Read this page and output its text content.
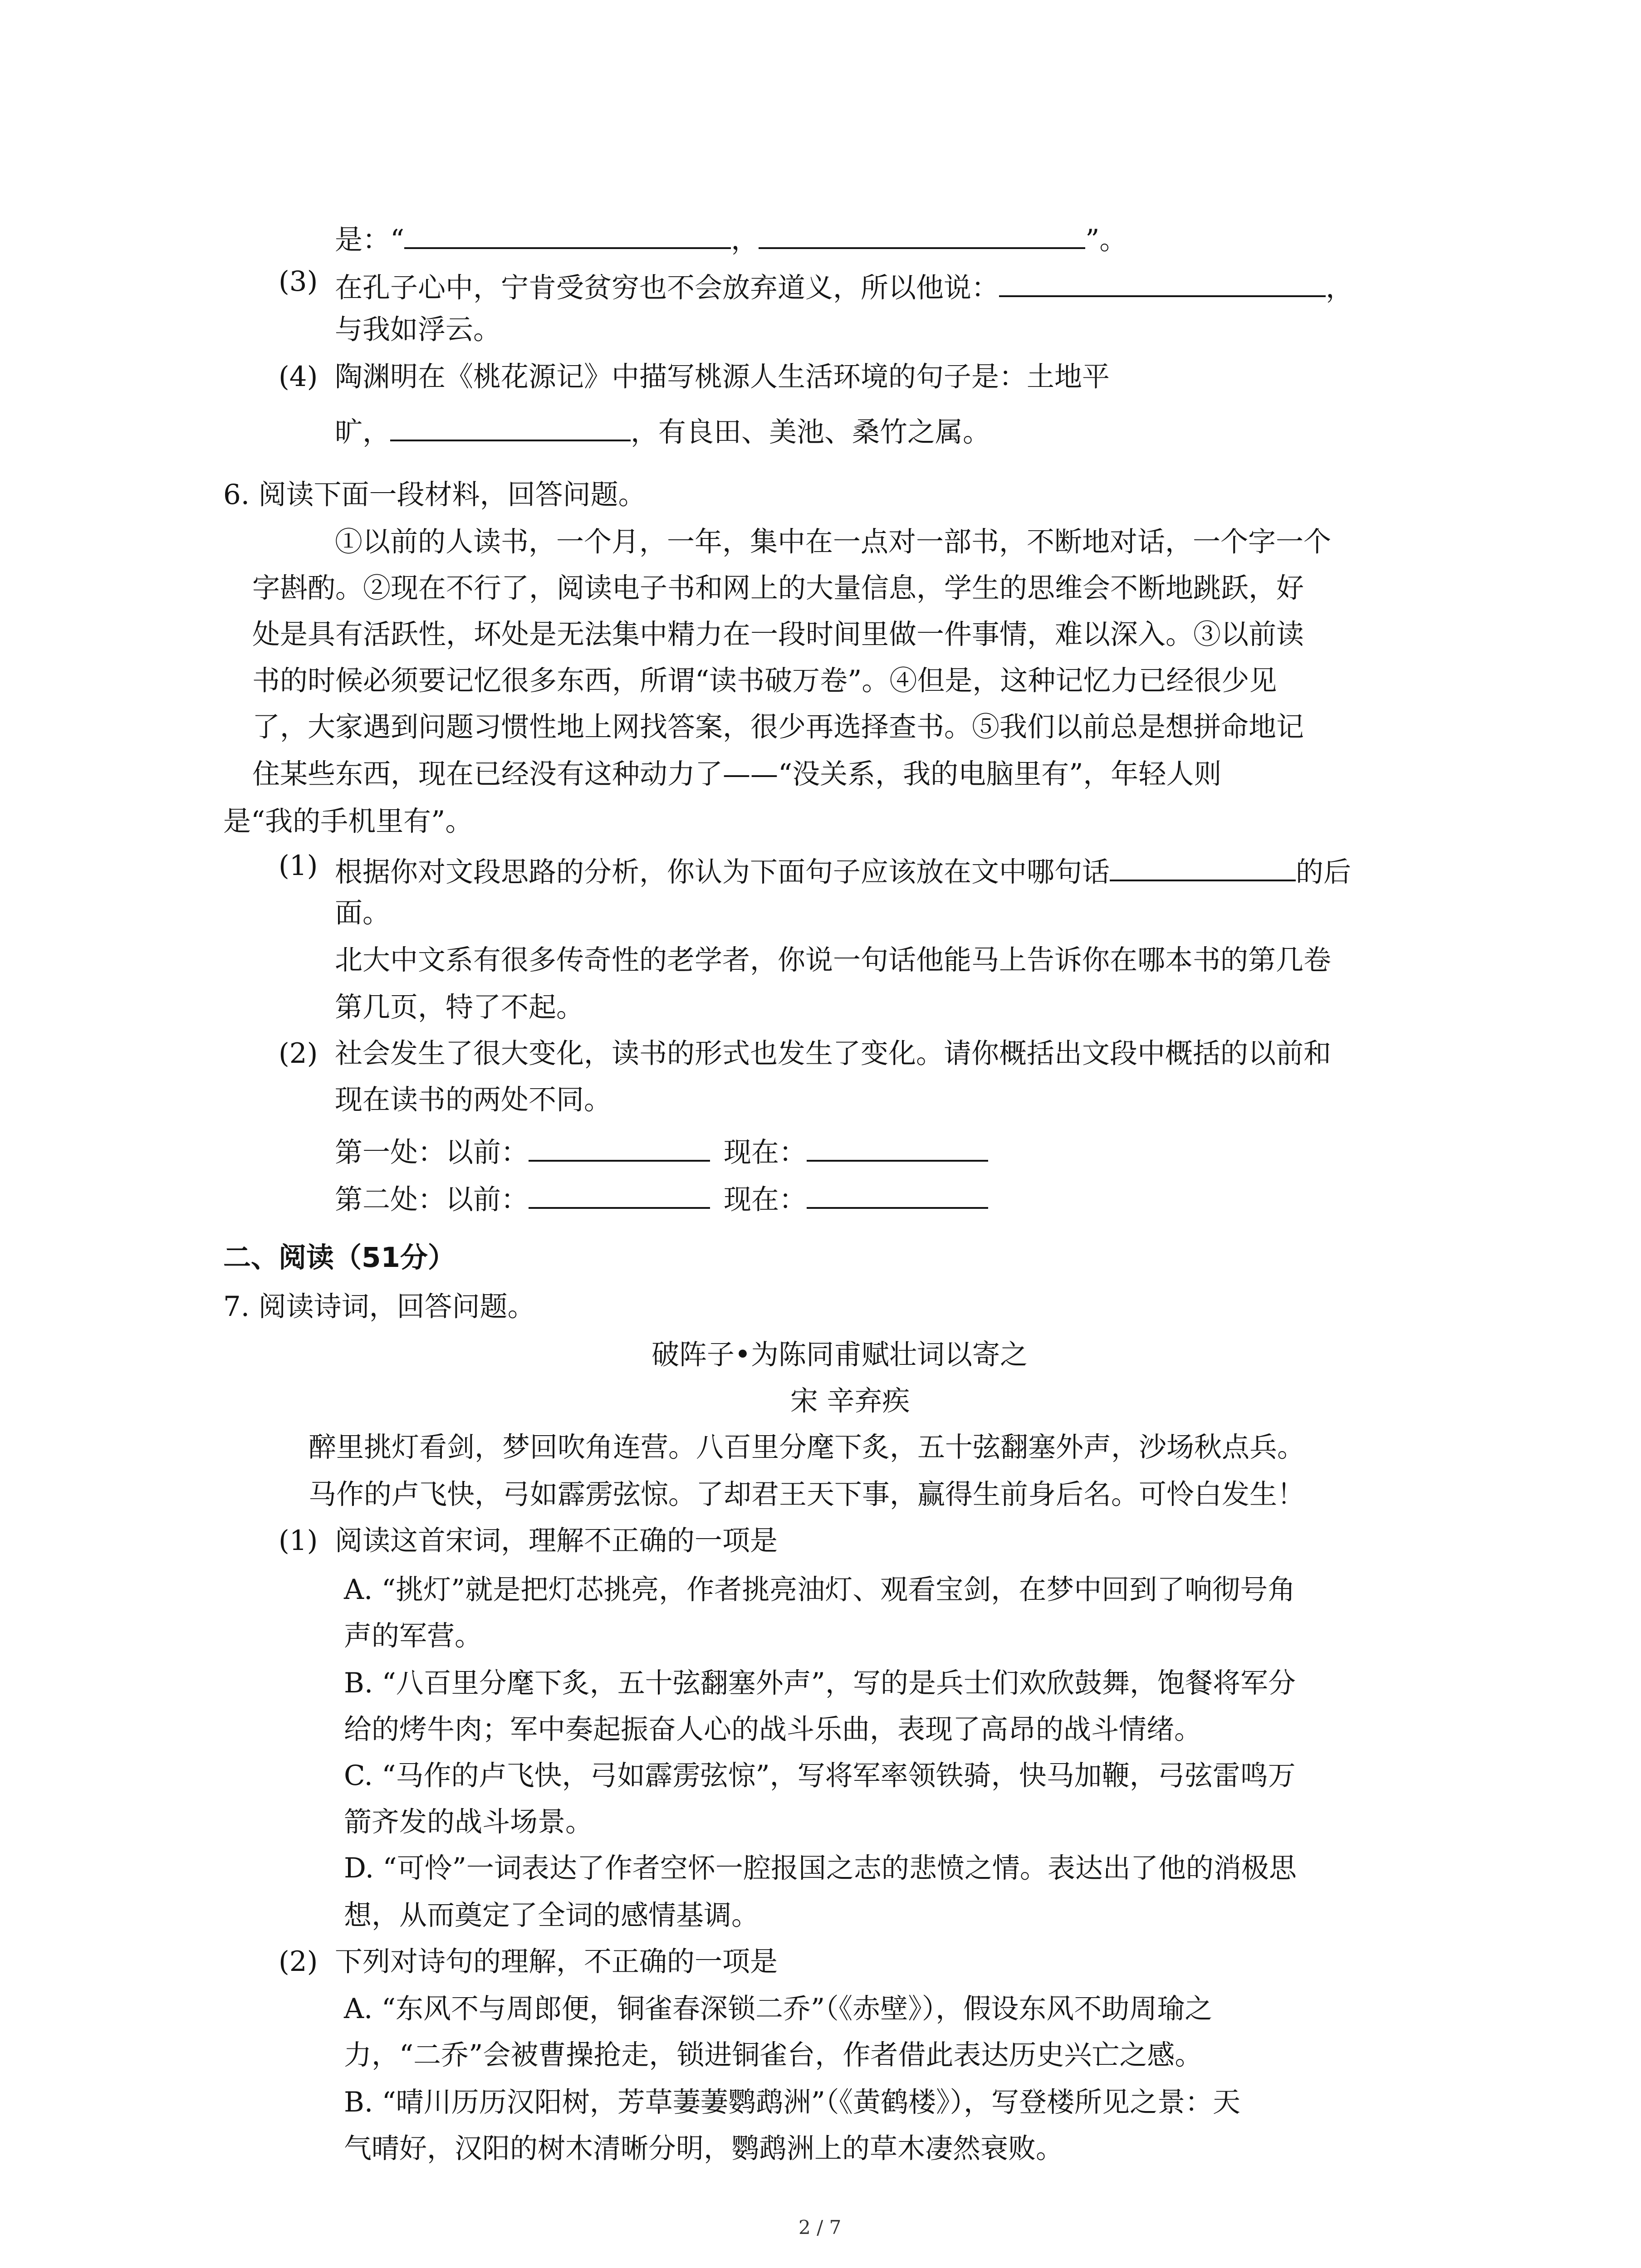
是：“	，	”。
(3) 在孔子心中，宁肯受贫穷也不会放弃道义，所以他说：	，
与我如浮云。
(4) 陶渊明在《桃花源记》中描写桃源人生活环境的句子是：土地平
旷，	，有良田、美池、桑竹之属。
6. 阅读下面一段材料，回答问题。
①以前的人读书，一个月，一年，集中在一点对一部书，不断地对话，一个字一个
字斟酌。②现在不行了，阅读电子书和网上的大量信息，学生的思维会不断地跳跃，好
处是具有活跃性，坏处是无法集中精力在一段时间里做一件事情，难以深入。③以前读
书的时候必须要记忆很多东西，所谓“读书破万卷”。④但是，这种记忆力已经很少见
了，大家遇到问题习惯性地上网找答案，很少再选择查书。⑤我们以前总是想拼命地记
住某些东西，现在已经没有这种动力了——“没关系，我的电脑里有”，年轻人则
是“我的手机里有”。
(1) 根据你对文段思路的分析，你认为下面句子应该放在文中哪句话	的后
面。
北大中文系有很多传奇性的老学者，你说一句话他能马上告诉你在哪本书的第几卷
第几页，特了不起。
(2) 社会发生了很大变化，读书的形式也发生了变化。请你概括出文段中概括的以前和
现在读书的两处不同。
第一处：以前：	现在：
第二处：以前：	现在：
二、阅读（51分）
7. 阅读诗词，回答问题。
破阵子•为陈同甫赋壮词以寄之
宋 辛弃疾
醉里挑灯看剑，梦回吹角连营。八百里分麾下炙，五十弦翻塞外声，沙场秋点兵。
马作的卢飞快，弓如霹雳弦惊。了却君王天下事，赢得生前身后名。可怜白发生！
(1) 阅读这首宋词，理解不正确的一项是
A. “挑灯”就是把灯芯挑亮，作者挑亮油灯、观看宝剑，在梦中回到了响彻号角
声的军营。
B. “八百里分麾下炙，五十弦翻塞外声”，写的是兵士们欢欣鼓舞，饱餐将军分
给的烤牛肉；军中奏起振奋人心的战斗乐曲，表现了高昂的战斗情绪。
C. “马作的卢飞快，弓如霹雳弦惊”，写将军率领铁骑，快马加鞭，弓弦雷鸣万
箭齐发的战斗场景。
D. “可怜”一词表达了作者空怀一腔报国之志的悲愤之情。表达出了他的消极思
想，从而奠定了全词的感情基调。
(2) 下列对诗句的理解，不正确的一项是
A. “东风不与周郎便，铜雀春深锁二乔”（《赤壁》），假设东风不助周瑜之
力，“二乔”会被曹操抢走，锁进铜雀台，作者借此表达历史兴亡之感。
B. “晴川历历汉阳树，芳草萋萋鹦鹉洲”（《黄鹤楼》），写登楼所见之景：天
气晴好，汉阳的树木清晰分明，鹦鹉洲上的草木凄然衰败。
2 / 7
